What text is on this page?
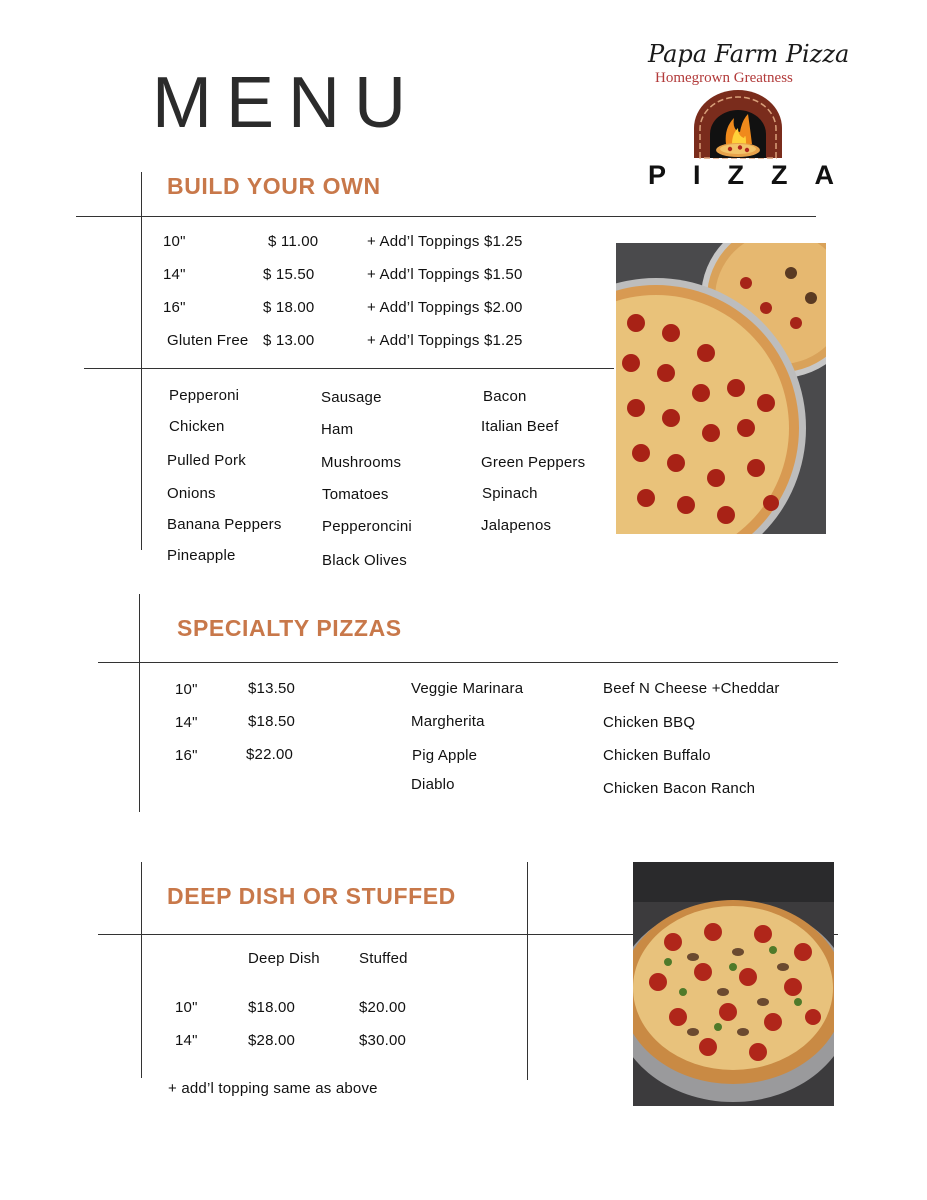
MENU
Papa Farm Pizza
Homegrown Greatness
PIZZA
BUILD YOUR OWN
10"	$ 11.00	+ Add’l Toppings $1.25
14"	$ 15.50	+ Add’l Toppings $1.50
16"	$ 18.00	+ Add’l Toppings $2.00
Gluten Free $ 13.00	+ Add’l Toppings $1.25
Pepperoni
Chicken
Pulled Pork
Onions
Banana Peppers
Pineapple
Sausage
Ham
Mushrooms
Tomatoes
Pepperoncini
Black Olives
Bacon
Italian Beef
Green Peppers
Spinach
Jalapenos
SPECIALTY PIZZAS
10"	$13.50
14"	$18.50
16"	$22.00
Veggie Marinara
Margherita
Pig Apple
Diablo
Beef N Cheese +Cheddar
Chicken BBQ
Chicken Buffalo
Chicken Bacon Ranch
DEEP DISH OR STUFFED
Deep Dish	Stuffed
10"	$18.00	$20.00
14"	$28.00	$30.00
+ add’l topping same as above
